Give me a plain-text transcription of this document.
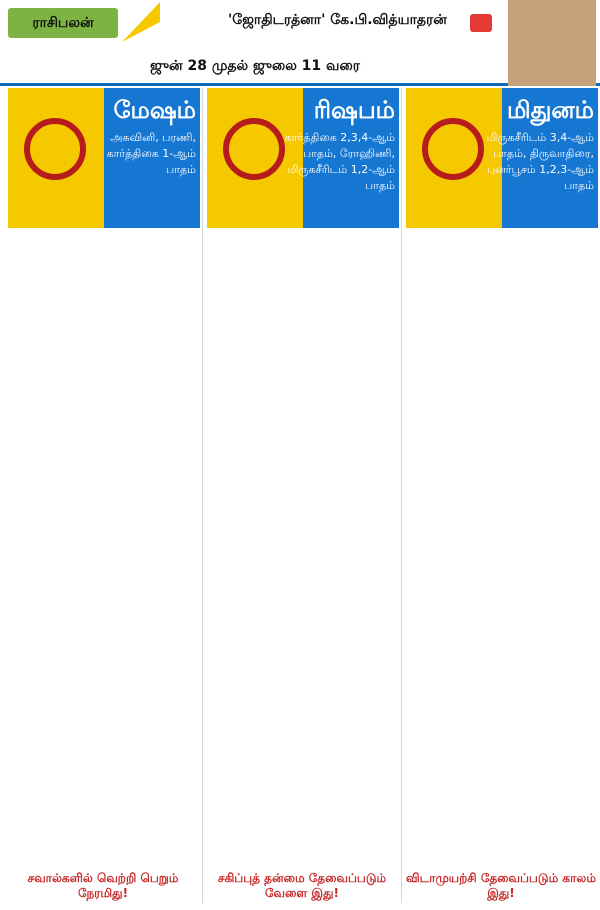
ராசிபலன்	'ஜோதிடரத்னா' கே.பி.வித்யாதரன்
ஜுன் 28 முதல் ஜுலை 11 வரை
மேஷம்
அசுவினி, பரணி, கார்த்திகை 1-ஆம் பாதம்
சவால்களில் வெற்றி பெறும் நேரமிது!
ரிஷபம்
கார்த்திகை 2,3,4-ஆம் பாதம், ரோஹிணி, மிருகசீரிடம் 1,2-ஆம் பாதம்
சகிப்புத் தன்மை தேவைப்படும் வேளை இது!
மிதுனம்
மிருகசீரிடம் 3,4-ஆம் பாதம், திருவாதிரை, புனர்பூசம் 1,2,3-ஆம் பாதம்
விடாமுயற்சி தேவைப்படும் காலம் இது!
